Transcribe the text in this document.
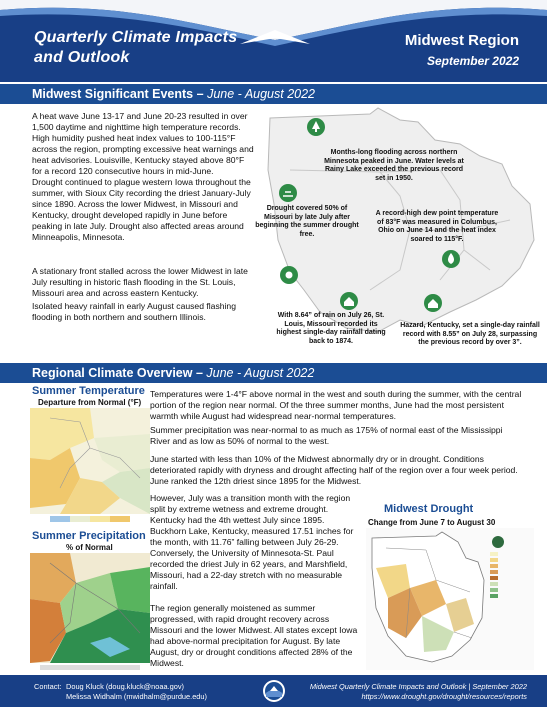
Quarterly Climate Impacts
and Outlook
Midwest Region
September 2022
Midwest Significant Events – June - August 2022
A heat wave June 13-17 and June 20-23 resulted in over 1,500 daytime and nighttime high temperature records. High humidity pushed heat index values to 100-115°F across the region, prompting excessive heat warnings and heat advisories. Louisville, Kentucky stayed above 80°F for a record 120 consecutive hours in mid-June.
Drought continued to plague western Iowa throughout the summer, with Sioux City recording the driest January-July since 1890. Across the lower Midwest, in Missouri and Kentucky, drought developed rapidly in June before peaking in late July. Drought also affected areas around Minneapolis, Minnesota.
A stationary front stalled across the lower Midwest in late July resulting in historic flash flooding in the St. Louis, Missouri area and across eastern Kentucky.
Isolated heavy rainfall in early August caused flashing flooding in both northern and southern Illinois.
Months-long flooding across northern Minnesota peaked in June. Water levels at Rainy Lake exceeded the previous record set in 1950.
Drought covered 50% of Missouri by late July after beginning the summer drought free.
A record-high dew point temperature of 83°F was measured in Columbus, Ohio on June 14 and the heat index soared to 115°F.
With 8.64” of rain on July 26, St. Louis, Missouri recorded its highest single-day rainfall dating back to 1874.
Hazard, Kentucky, set a single-day rainfall record with 8.55” on July 28, surpassing the previous record by over 3”.
Regional Climate Overview – June - August 2022
Summer Temperature
Departure from Normal (°F)
Summer Precipitation
% of Normal
Temperatures were 1-4°F above normal in the west and south during the summer, with the central portion of the region near normal. Of the three summer months, June had the most persistent warmth while August had widespread near-normal temperatures.
Summer precipitation was near-normal to as much as 175% of normal east of the Mississippi River and as low as 50% of normal to the west.
June started with less than 10% of the Midwest abnormally dry or in drought. Conditions deteriorated rapidly with dryness and drought affecting half of the region over a four week period. June ranked the 12th driest since 1895 for the Midwest.
However, July was a transition month with the region split by extreme wetness and extreme drought. Kentucky had the 4th wettest July since 1895. Buckhorn Lake, Kentucky, measured 17.51 inches for the month, with 11.76” falling between July 26-29. Conversely, the University of Minnesota-St. Paul recorded the driest July in 62 years, and Marshfield, Missouri, had a 22-day stretch with no measurable rainfall.
The region generally moistened as summer progressed, with rapid drought recovery across Missouri and the lower Midwest. All states except Iowa had above-normal precipitation for August. By late August, dry or drought conditions affected 28% of the Midwest.
Midwest Drought
Change from June 7 to August 30
Contact: Doug Kluck (doug.kluck@noaa.gov)
Melissa Widhalm (mwidhalm@purdue.edu)
Midwest Quarterly Climate Impacts and Outlook | September 2022
https://www.drought.gov/drought/resources/reports
